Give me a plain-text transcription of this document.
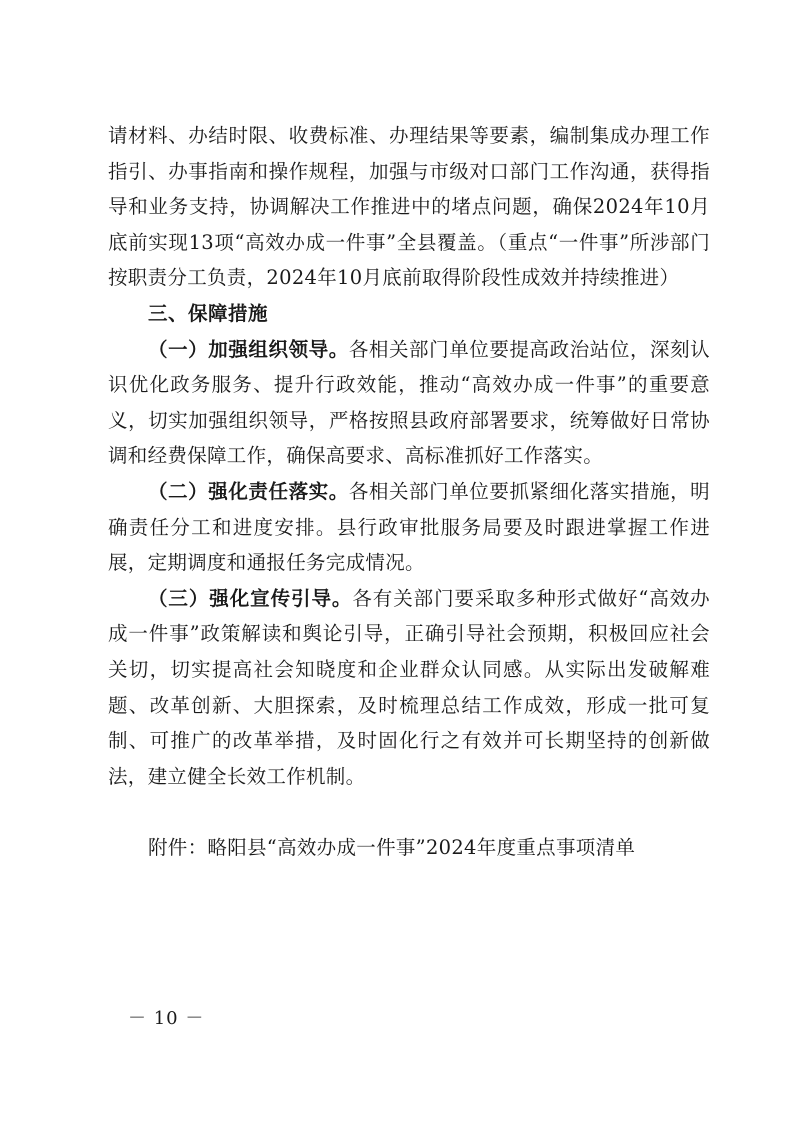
请材料、办结时限、收费标准、办理结果等要素，编制集成办理工作指引、办事指南和操作规程，加强与市级对口部门工作沟通，获得指导和业务支持，协调解决工作推进中的堵点问题，确保2024年10月底前实现13项“高效办成一件事”全县覆盖。（重点“一件事”所涉部门按职责分工负责，2024年10月底前取得阶段性成效并持续推进）

三、保障措施

（一）加强组织领导。各相关部门单位要提高政治站位，深刻认识优化政务服务、提升行政效能，推动“高效办成一件事”的重要意义，切实加强组织领导，严格按照县政府部署要求，统筹做好日常协调和经费保障工作，确保高要求、高标准抓好工作落实。

（二）强化责任落实。各相关部门单位要抓紧细化落实措施，明确责任分工和进度安排。县行政审批服务局要及时跟进掌握工作进展，定期调度和通报任务完成情况。

（三）强化宣传引导。各有关部门要采取多种形式做好“高效办成一件事”政策解读和舆论引导，正确引导社会预期，积极回应社会关切，切实提高社会知晓度和企业群众认同感。从实际出发破解难题、改革创新、大胆探索，及时梳理总结工作成效，形成一批可复制、可推广的改革举措，及时固化行之有效并可长期坚持的创新做法，建立健全长效工作机制。

附件：略阳县“高效办成一件事”2024年度重点事项清单

－ 10 －
